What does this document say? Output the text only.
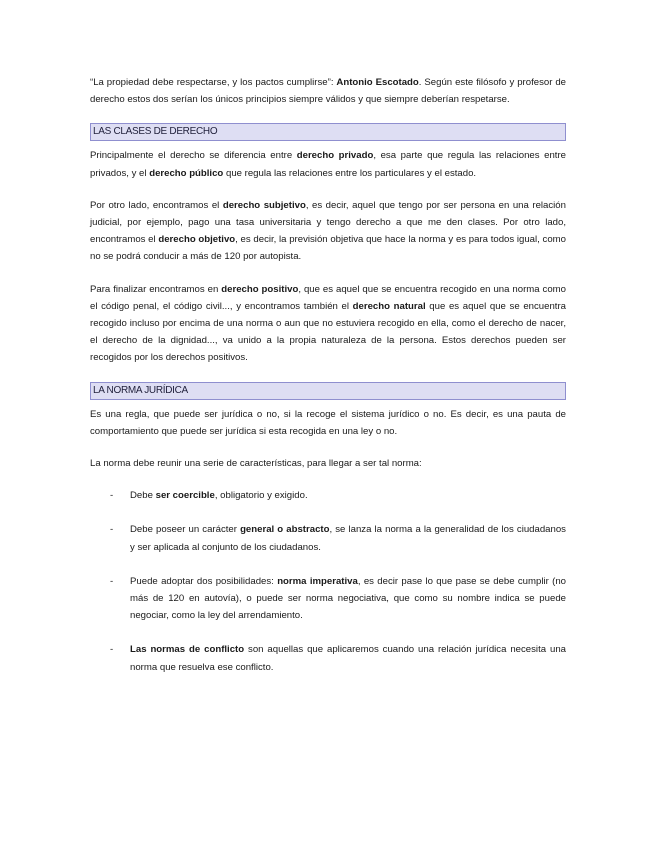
“La propiedad debe respectarse, y los pactos cumplirse”: Antonio Escotado. Según este filósofo y profesor de derecho estos dos serían los únicos principios siempre válidos y que siempre deberían respetarse.

LAS CLASES DE DERECHO

Principalmente el derecho se diferencia entre derecho privado, esa parte que regula las relaciones entre privados, y el derecho público que regula las relaciones entre los particulares y el estado.

Por otro lado, encontramos el derecho subjetivo, es decir, aquel que tengo por ser persona en una relación judicial, por ejemplo, pago una tasa universitaria y tengo derecho a que me den clases. Por otro lado, encontramos el derecho objetivo, es decir, la previsión objetiva que hace la norma y es para todos igual, como no se podrá conducir a más de 120 por autopista.

Para finalizar encontramos en derecho positivo, que es aquel que se encuentra recogido en una norma como el código penal, el código civil..., y encontramos también el derecho natural que es aquel que se encuentra recogido incluso por encima de una norma o aun que no estuviera recogido en ella, como el derecho de nacer, el derecho de la dignidad..., va unido a la propia naturaleza de la persona. Estos derechos pueden ser recogidos por los derechos positivos.

LA NORMA JURÍDICA

Es una regla, que puede ser jurídica o no, si la recoge el sistema jurídico o no. Es decir, es una pauta de comportamiento que puede ser jurídica si esta recogida en una ley o no.

La norma debe reunir una serie de características, para llegar a ser tal norma:

- Debe ser coercible, obligatorio y exigido.

- Debe poseer un carácter general o abstracto, se lanza la norma a la generalidad de los ciudadanos y ser aplicada al conjunto de los ciudadanos.

- Puede adoptar dos posibilidades: norma imperativa, es decir pase lo que pase se debe cumplir (no más de 120 en autovía), o puede ser norma negociativa, que como su nombre indica se puede negociar, como la ley del arrendamiento.

- Las normas de conflicto son aquellas que aplicaremos cuando una relación jurídica necesita una norma que resuelva ese conflicto.
